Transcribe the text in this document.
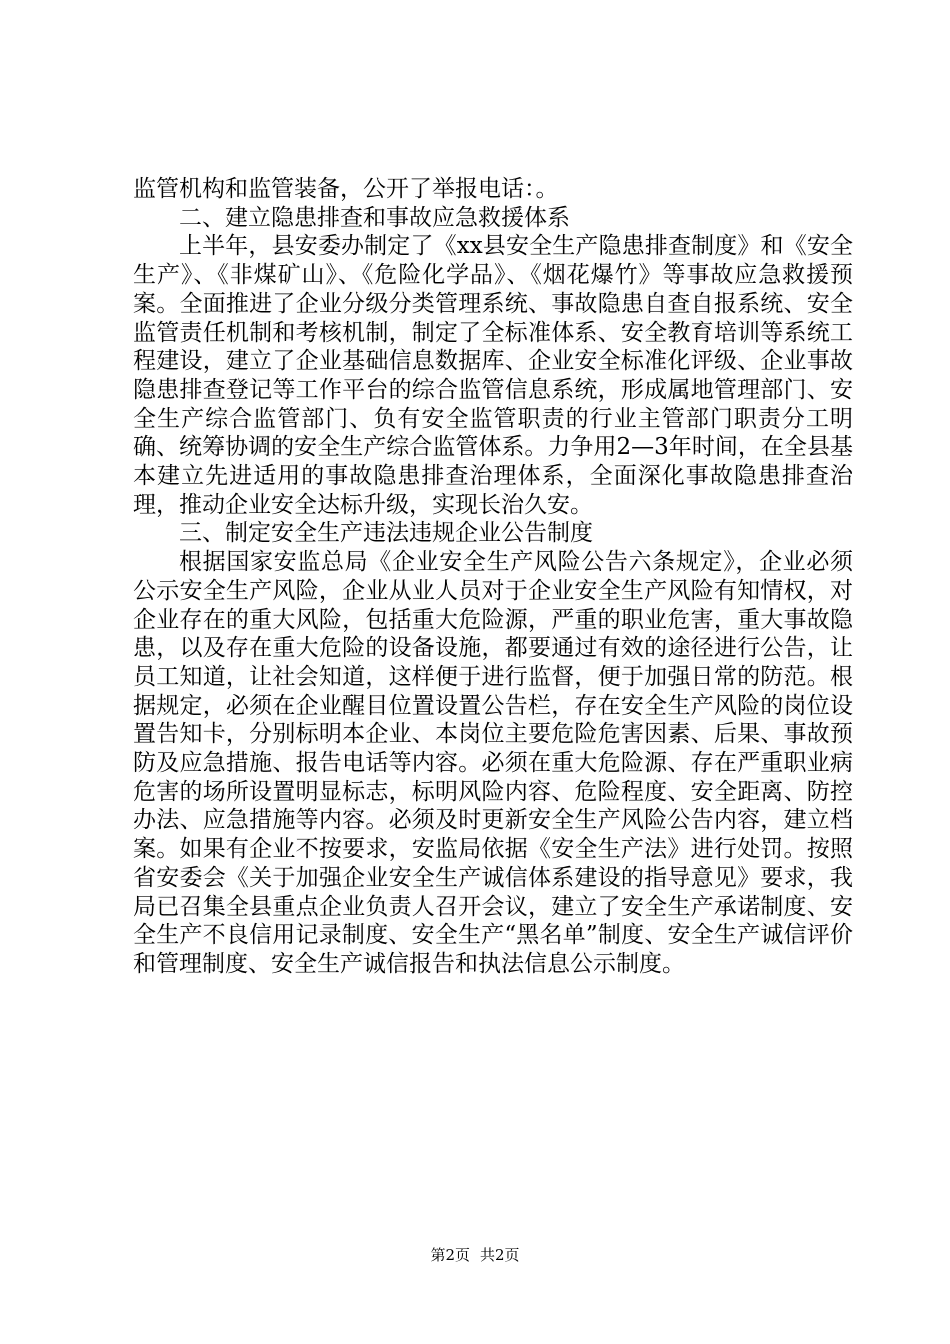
监管机构和监管装备，公开了举报电话：。

二、建立隐患排查和事故应急救援体系

上半年，县安委办制定了《xx县安全生产隐患排查制度》和《安全生产》、《非煤矿山》、《危险化学品》、《烟花爆竹》等事故应急救援预案。全面推进了企业分级分类管理系统、事故隐患自查自报系统、安全监管责任机制和考核机制，制定了全标准体系、安全教育培训等系统工程建设，建立了企业基础信息数据库、企业安全标准化评级、企业事故隐患排查登记等工作平台的综合监管信息系统，形成属地管理部门、安全生产综合监管部门、负有安全监管职责的行业主管部门职责分工明确、统筹协调的安全生产综合监管体系。力争用2—3年时间，在全县基本建立先进适用的事故隐患排查治理体系，全面深化事故隐患排查治理，推动企业安全达标升级，实现长治久安。

三、制定安全生产违法违规企业公告制度

根据国家安监总局《企业安全生产风险公告六条规定》，企业必须公示安全生产风险，企业从业人员对于企业安全生产风险有知情权，对企业存在的重大风险，包括重大危险源，严重的职业危害，重大事故隐患，以及存在重大危险的设备设施，都要通过有效的途径进行公告，让员工知道，让社会知道，这样便于进行监督，便于加强日常的防范。根据规定，必须在企业醒目位置设置公告栏，存在安全生产风险的岗位设置告知卡，分别标明本企业、本岗位主要危险危害因素、后果、事故预防及应急措施、报告电话等内容。必须在重大危险源、存在严重职业病危害的场所设置明显标志，标明风险内容、危险程度、安全距离、防控办法、应急措施等内容。必须及时更新安全生产风险公告内容，建立档案。如果有企业不按要求，安监局依据《安全生产法》进行处罚。按照省安委会《关于加强企业安全生产诚信体系建设的指导意见》要求，我局已召集全县重点企业负责人召开会议，建立了安全生产承诺制度、安全生产不良信用记录制度、安全生产“黑名单”制度、安全生产诚信评价和管理制度、安全生产诚信报告和执法信息公示制度。

第2页 共2页
